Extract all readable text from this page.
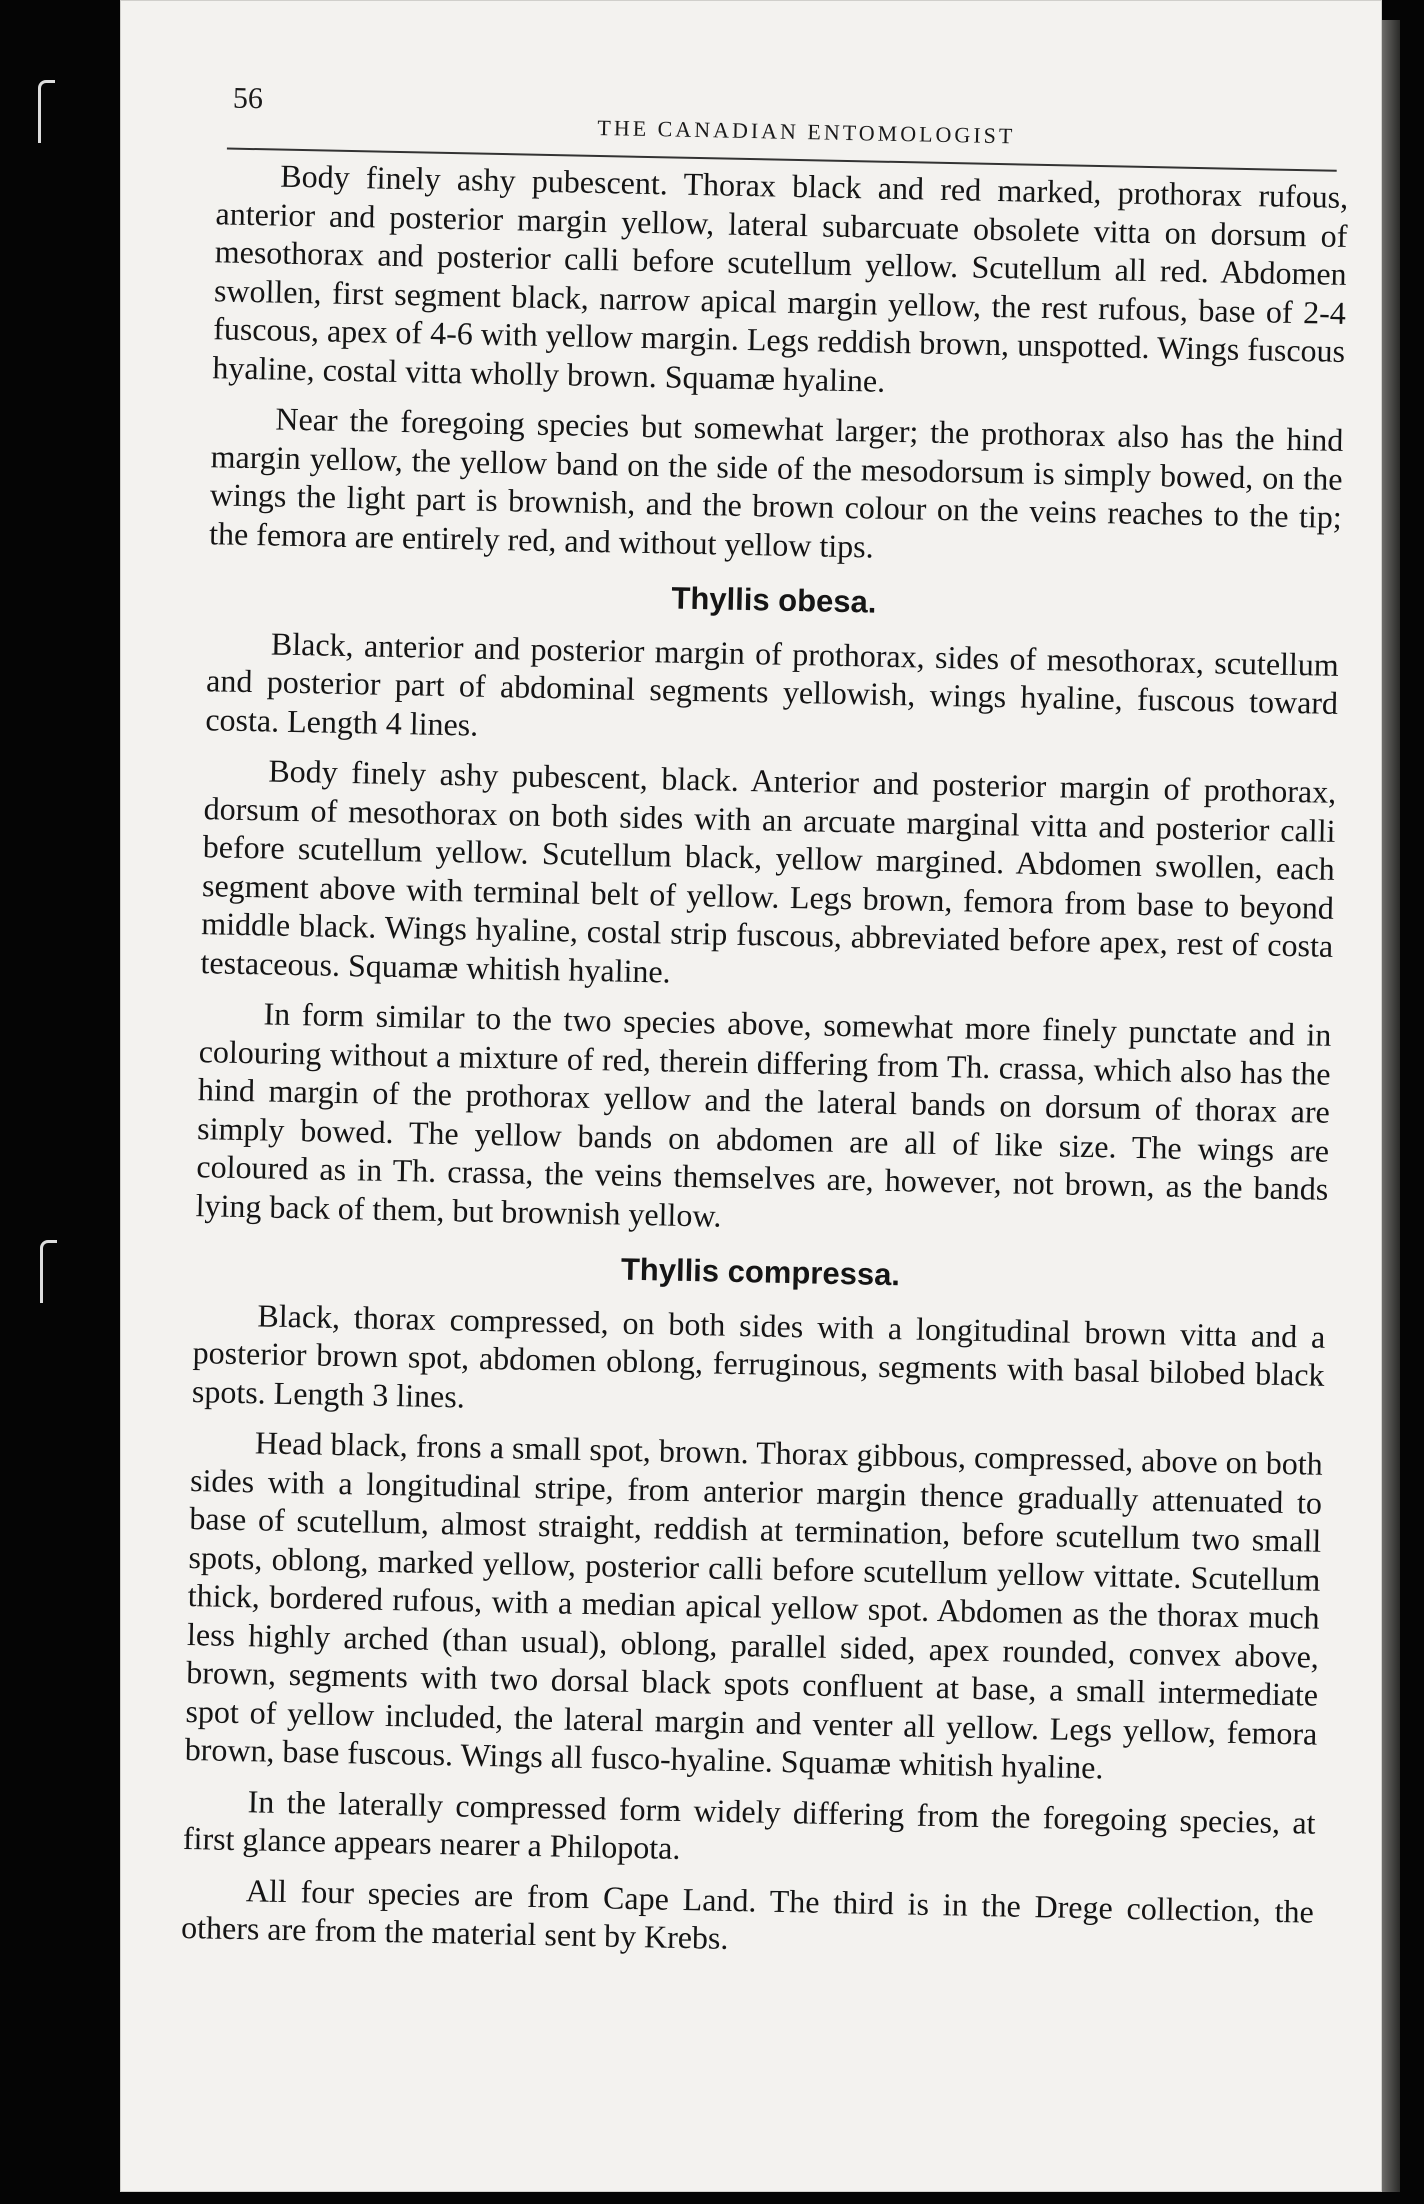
56
THE CANADIAN ENTOMOLOGIST

Body finely ashy pubescent. Thorax black and red marked, prothorax rufous, anterior and posterior margin yellow, lateral subarcuate obsolete vitta on dorsum of mesothorax and posterior calli before scutellum yellow. Scutellum all red. Abdomen swollen, first segment black, narrow apical margin yellow, the rest rufous, base of 2-4 fuscous, apex of 4-6 with yellow margin. Legs reddish brown, unspotted. Wings fuscous hyaline, costal vitta wholly brown. Squamæ hyaline.

Near the foregoing species but somewhat larger; the prothorax also has the hind margin yellow, the yellow band on the side of the mesodorsum is simply bowed, on the wings the light part is brownish, and the brown colour on the veins reaches to the tip; the femora are entirely red, and without yellow tips.

Thyllis obesa.

Black, anterior and posterior margin of prothorax, sides of mesothorax, scutellum and posterior part of abdominal segments yellowish, wings hyaline, fuscous toward costa. Length 4 lines.

Body finely ashy pubescent, black. Anterior and posterior margin of prothorax, dorsum of mesothorax on both sides with an arcuate marginal vitta and posterior calli before scutellum yellow. Scutellum black, yellow margined. Abdomen swollen, each segment above with terminal belt of yellow. Legs brown, femora from base to beyond middle black. Wings hyaline, costal strip fuscous, abbreviated before apex, rest of costa testaceous. Squamæ whitish hyaline.

In form similar to the two species above, somewhat more finely punctate and in colouring without a mixture of red, therein differing from Th. crassa, which also has the hind margin of the prothorax yellow and the lateral bands on dorsum of thorax are simply bowed. The yellow bands on abdomen are all of like size. The wings are coloured as in Th. crassa, the veins themselves are, however, not brown, as the bands lying back of them, but brownish yellow.

Thyllis compressa.

Black, thorax compressed, on both sides with a longitudinal brown vitta and a posterior brown spot, abdomen oblong, ferruginous, segments with basal bilobed black spots. Length 3 lines.

Head black, frons a small spot, brown. Thorax gibbous, compressed, above on both sides with a longitudinal stripe, from anterior margin thence gradually attenuated to base of scutellum, almost straight, reddish at termination, before scutellum two small spots, oblong, marked yellow, posterior calli before scutellum yellow vittate. Scutellum thick, bordered rufous, with a median apical yellow spot. Abdomen as the thorax much less highly arched (than usual), oblong, parallel sided, apex rounded, convex above, brown, segments with two dorsal black spots confluent at base, a small intermediate spot of yellow included, the lateral margin and venter all yellow. Legs yellow, femora brown, base fuscous. Wings all fusco-hyaline. Squamæ whitish hyaline.

In the laterally compressed form widely differing from the foregoing species, at first glance appears nearer a Philopota.

All four species are from Cape Land. The third is in the Drege collection, the others are from the material sent by Krebs.
